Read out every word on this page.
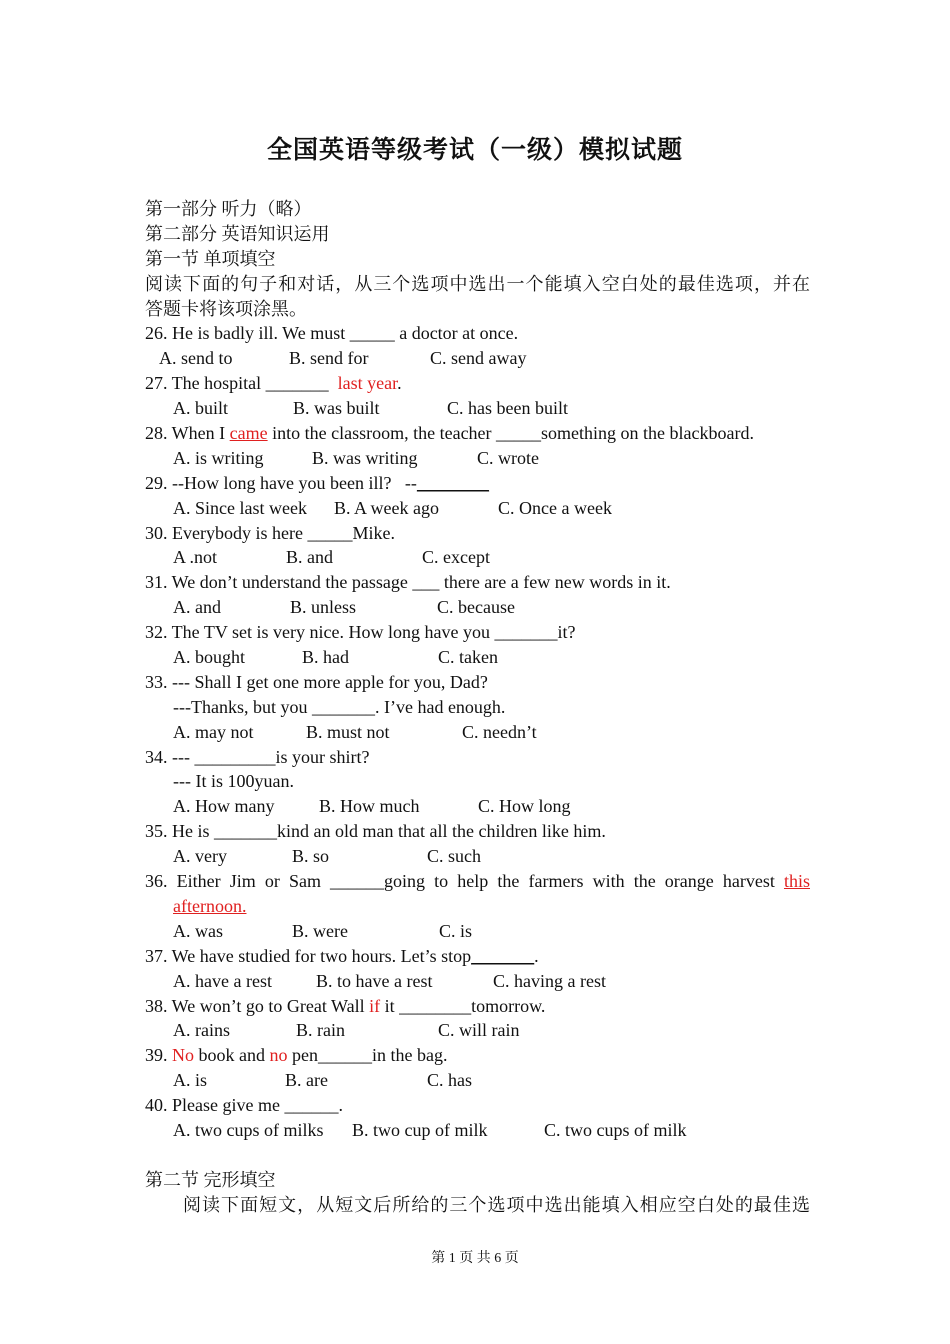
全国英语等级考试（一级）模拟试题
第一部分 听力（略）
第二部分 英语知识运用
第一节 单项填空
阅读下面的句子和对话，从三个选项中选出一个能填入空白处的最佳选项，并在
答题卡将该项涂黑。
26. He is badly ill. We must _____ a doctor at once.
A. send to	B. send for	C. send away
27. The hospital _______  last year.
A. built	B. was built	C. has been built
28. When I came into the classroom, the teacher _____something on the blackboard.
A. is writing	B. was writing	C. wrote
29. --How long have you been ill?   --________
A. Since last week B. A week ago	C. Once a week
30. Everybody is here _____Mike.
A .not	B. and	C. except
31. We don’t understand the passage ___ there are a few new words in it.
A. and	B. unless	C. because
32. The TV set is very nice. How long have you _______it?
A. bought	B. had	C. taken
33. --- Shall I get one more apple for you, Dad?
---Thanks, but you _______. I’ve had enough.
A. may not	B. must not	C. needn’t
34. --- _________is your shirt?
--- It is 100yuan.
A. How many B. How much	C. How long
35. He is _______kind an old man that all the children like him.
A. very	B. so	C. such
36. Either Jim or Sam ______going to help the farmers with the orange harvest this
afternoon.
A. was	B. were	C. is
37. We have studied for two hours. Let’s stop_______.
A. have a rest B. to have a rest	C. having a rest
38. We won’t go to Great Wall if it ________tomorrow.
A. rains	B. rain	C. will rain
39. No book and no pen______in the bag.
A. is	B. are	C. has
40. Please give me ______.
A. two cups of milks B. two cup of milk	C. two cups of milk
第二节 完形填空
阅读下面短文，从短文后所给的三个选项中选出能填入相应空白处的最佳选
第 1 页 共 6 页
